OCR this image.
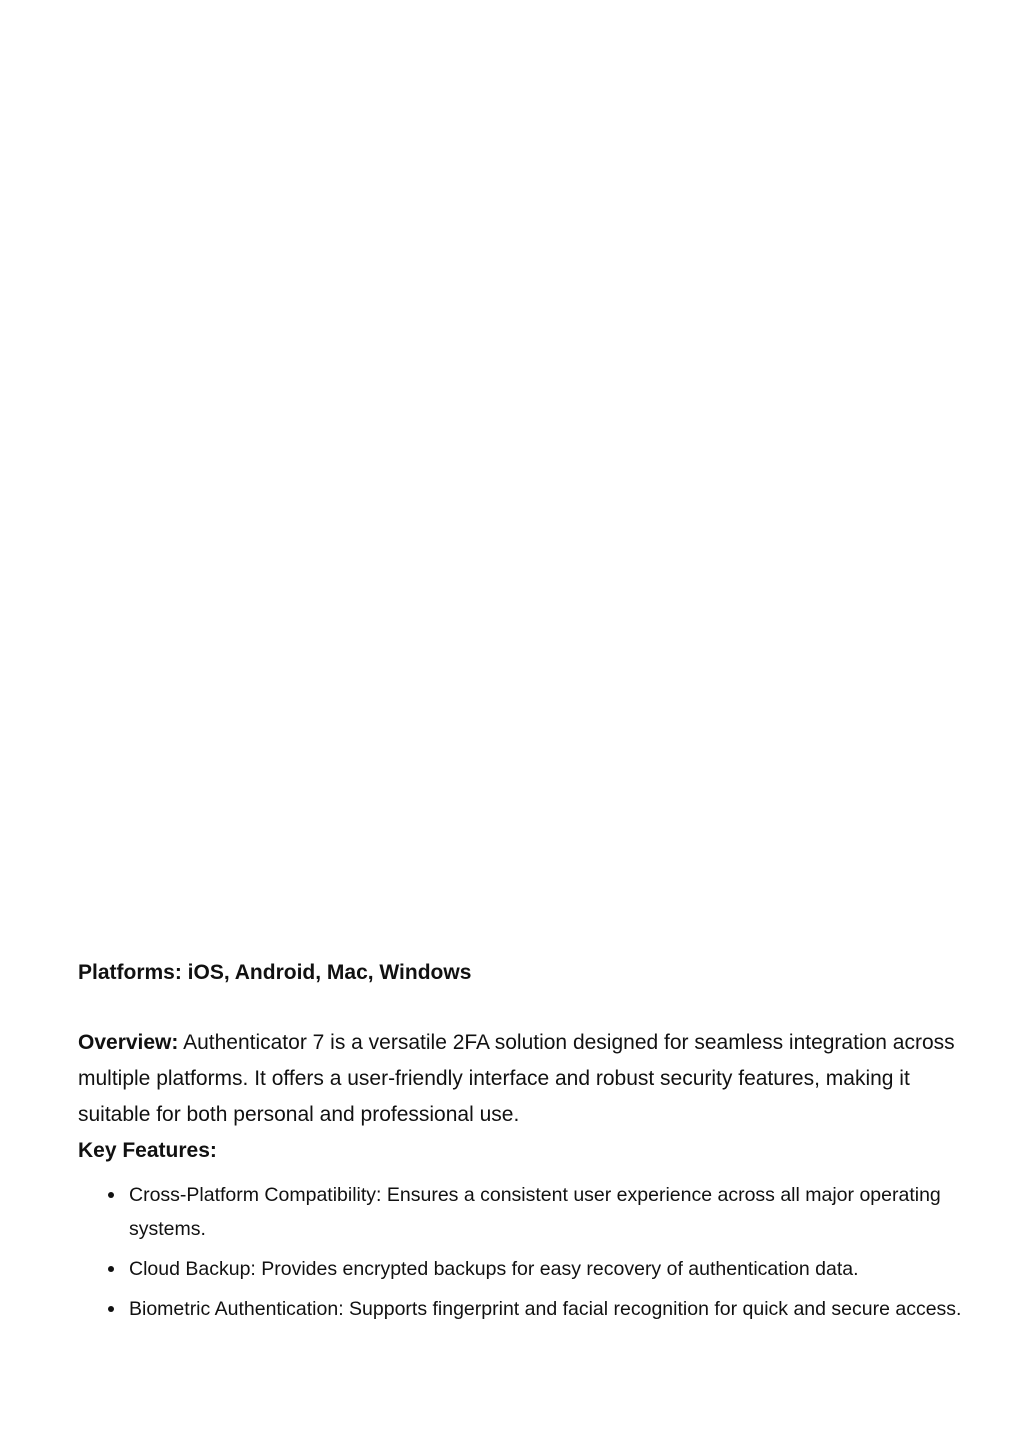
Platforms: iOS, Android, Mac, Windows

Overview: Authenticator 7 is a versatile 2FA solution designed for seamless integration across multiple platforms. It offers a user-friendly interface and robust security features, making it suitable for both personal and professional use.

Key Features:

Cross-Platform Compatibility: Ensures a consistent user experience across all major operating systems.
Cloud Backup: Provides encrypted backups for easy recovery of authentication data.
Biometric Authentication: Supports fingerprint and facial recognition for quick and secure access.
